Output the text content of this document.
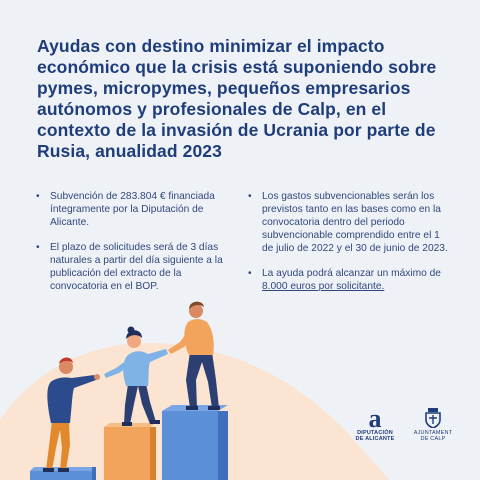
Ayudas con destino minimizar el impacto económico que la crisis está suponiendo sobre pymes, micropymes, pequeños empresarios autónomos y profesionales de Calp, en el contexto de la invasión de Ucrania por parte de Rusia, anualidad 2023
• Subvención de 283.804 € financiada íntegramente por la Diputación de Alicante.
• El plazo de solicitudes será de 3 días naturales a partir del día siguiente a la publicación del extracto de la convocatoria en el BOP.
• Los gastos subvencionables serán los previstos tanto en las bases como en la convocatoria dentro del periodo subvencionable comprendido entre el 1 de julio de 2022 y el 30 de junio de 2023.
• La ayuda podrá alcanzar un máximo de 8.000 euros por solicitante.
a
DIPUTACIÓN
DE ALICANTE
AJUNTAMENT
DE CALP
